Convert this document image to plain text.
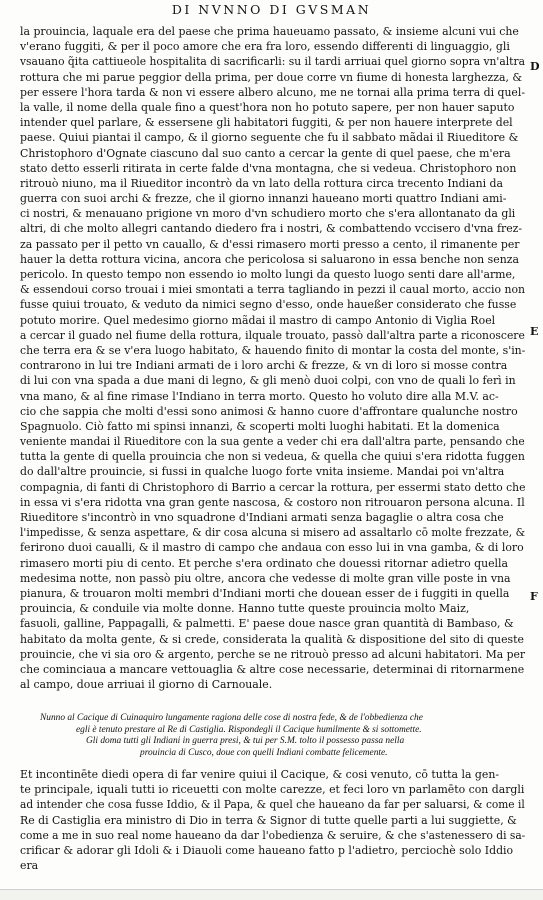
DI NVNNO DI GVSMAN
la prouincia, laquale era del paese che prima haueuamo passato, & insieme alcuni vui che
v'erano fuggiti, & per il poco amore che era fra loro, essendo differenti di linguaggio, gli
vsauano q̃ita cattiueole hospitalita di sacrificarli: su il tardi arriuai quel giorno sopra vn'altra
rottura che mi parue peggior della prima, per doue corre vn fiume di honesta larghezza, &
per essere l'hora tarda & non vi essere albero alcuno, me ne tornai alla prima terra di quel-
la valle, il nome della quale fino a quest'hora non ho potuto sapere, per non hauer saputo
intender quel parlare, & essersene gli habitatori fuggiti, & per non hauere interprete del
paese. Quiui piantai il campo, & il giorno seguente che fu il sabbato mãdai il Riueditore &
Christophoro d'Ognate ciascuno dal suo canto a cercar la gente di quel paese, che m'era
stato detto esserli ritirata in certe falde d'vna montagna, che si vedeua. Christophoro non
ritrouò niuno, ma il Riueditor incontrò da vn lato della rottura circa trecento Indiani da
guerra con suoi archi & frezze, che il giorno innanzi haueano morti quattro Indiani ami-
ci nostri, & menauano prigione vn moro d'vn schudiero morto che s'era allontanato da gli
altri, di che molto allegri cantando diedero fra i nostri, & combattendo vccisero d'vna frez-
za passato per il petto vn cauallo, & d'essi rimasero morti presso a cento, il rimanente per
hauer la detta rottura vicina, ancora che pericolosa si saluarono in essa benche non senza
pericolo. In questo tempo non essendo io molto lungi da questo luogo senti dare all'arme,
& essendoui corso trouai i miei smontati a terra tagliando in pezzi il caual morto, accio non
fusse quiui trouato, & veduto da nimici segno d'esso, onde haueßer considerato che fusse
potuto morire. Quel medesimo giorno mãdai il mastro di campo Antonio di Viglia Roel
a cercar il guado nel fiume della rottura, ilquale trouato, passò dall'altra parte a riconoscere
che terra era & se v'era luogo habitato, & hauendo finito di montar la costa del monte, s'in-
contrarono in lui tre Indiani armati de i loro archi & frezze, & vn di loro si mosse contra
di lui con vna spada a due mani di legno, & gli menò duoi colpi, con vno de quali lo ferì in
vna mano, & al fine rimase l'Indiano in terra morto. Questo ho voluto dire alla M.V. ac-
cio che sappia che molti d'essi sono animosi & hanno cuore d'affrontare qualunche nostro
Spagnuolo. Ciò fatto mi spinsi innanzi, & scoperti molti luoghi habitati. Et la domenica
veniente mandai il Riueditore con la sua gente a veder chi era dall'altra parte, pensando che
tutta la gente di quella prouincia che non si vedeua, & quella che quiui s'era ridotta fuggen
do dall'altre prouincie, si fussi in qualche luogo forte vnita insieme. Mandai poi vn'altra
compagnia, di fanti di Christophoro di Barrio a cercar la rottura, per essermi stato detto che
in essa vi s'era ridotta vna gran gente nascosa, & costoro non ritrouaron persona alcuna. Il
Riueditore s'incontrò in vno squadrone d'Indiani armati senza bagaglie o altra cosa che
l'impedisse, & senza aspettare, & dir cosa alcuna si misero ad assaltarlo cō molte frezzate, &
ferirono duoi caualli, & il mastro di campo che andaua con esso lui in vna gamba, & di loro
rimasero morti piu di cento. Et perche s'era ordinato che douessi ritornar adietro quella
medesima notte, non passò piu oltre, ancora che vedesse di molte gran ville poste in vna
pianura, & trouaron molti membri d'Indiani morti che douean esser de i fuggiti in quella
prouincia, & conduile via molte donne. Hanno tutte queste prouincia molto Maiz,
fasuoli, galline, Pappagalli, & palmetti. E' paese doue nasce gran quantità di Bambaso, &
habitato da molta gente, & si crede, considerata la qualità & dispositione del sito di queste
prouincie, che vi sia oro & argento, perche se ne ritrouò presso ad alcuni habitatori. Ma per
che cominciaua a mancare vettouaglia & altre cose necessarie, determinai di ritornarmene
al campo, doue arriuai il giorno di Carnouale.
Nunno al Cacique di Cuinaquiro lungamente ragiona delle cose di nostra fede, & de l'obbedienza che
egli è tenuto prestare al Re di Castiglia. Rispondegli il Cacique humilmente & si sottomette.
Gli doma tutti gli Indiani in guerra presi, & tui per S.M. tolto il possesso passa nella
prouincia di Cusco, doue con quelli Indiani combatte felicemente.
Et incontinēte diedi opera di far venire quiui il Cacique, & cosi venuto, cō tutta la gen-
te principale, iquali tutti io riceuetti con molte carezze, et feci loro vn parlamēto con dargli
ad intender che cosa fusse Iddio, & il Papa, & quel che haueano da far per saluarsi, & come il
Re di Castiglia era ministro di Dio in terra & Signor di tutte quelle parti a lui suggiette, &
come a me in suo real nome haueano da dar l'obedienza & seruire, & che s'astenessero di sa-
crificar & adorar gli Idoli & i Diauoli come haueano fatto p l'adietro, perciochè solo Iddio
era
D
E
F
